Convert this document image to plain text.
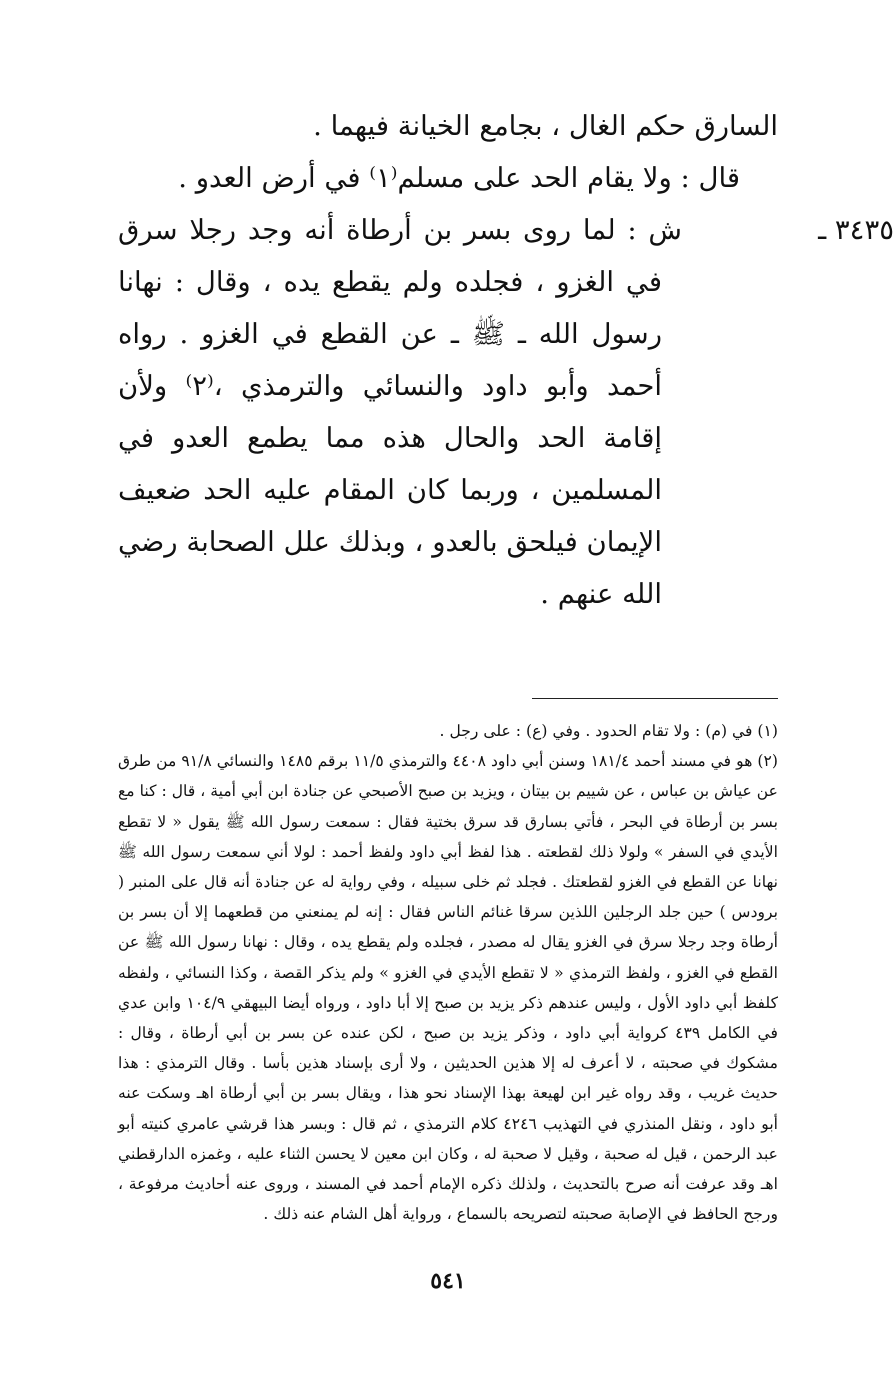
السارق حكم الغال ، بجامع الخيانة فيهما .

قال : ولا يقام الحد على مسلم⁽١⁾ في أرض العدو .

٣٤٣٥ ـش : لما روى بسر بن أرطاة أنه وجد رجلا سرق في الغزو ، فجلده ولم يقطع يده ، وقال : نهانا رسول الله ـ ﷺ ـ عن القطع في الغزو . رواه أحمد وأبو داود والنسائي والترمذي ،⁽٢⁾ ولأن إقامة الحد والحال هذه مما يطمع العدو في المسلمين ، وربما كان المقام عليه الحد ضعيف الإيمان فيلحق بالعدو ، وبذلك علل الصحابة رضي الله عنهم .

(١) في (م) : ولا تقام الحدود . وفي (ع) : على رجل .

(٢) هو في مسند أحمد ١٨١/٤ وسنن أبي داود ٤٤٠٨ والترمذي ١١/٥ برقم ١٤٨٥ والنسائي ٩١/٨ من طرق عن عياش بن عباس ، عن شييم بن بيتان ، ويزيد بن صبح الأصبحي عن جنادة ابن أبي أمية ، قال : كنا مع بسر بن أرطاة في البحر ، فأتي بسارق قد سرق بختية فقال : سمعت رسول الله ﷺ يقول « لا تقطع الأيدي في السفر » ولولا ذلك لقطعته . هذا لفظ أبي داود ولفظ أحمد : لولا أني سمعت رسول الله ﷺ نهانا عن القطع في الغزو لقطعتك . فجلد ثم خلى سبيله ، وفي رواية له عن جنادة أنه قال على المنبر ( برودس ) حين جلد الرجلين اللذين سرقا غنائم الناس فقال : إنه لم يمنعني من قطعهما إلا أن بسر بن أرطاة وجد رجلا سرق في الغزو يقال له مصدر ، فجلده ولم يقطع يده ، وقال : نهانا رسول الله ﷺ عن القطع في الغزو ، ولفظ الترمذي « لا تقطع الأيدي في الغزو » ولم يذكر القصة ، وكذا النسائي ، ولفظه كلفظ أبي داود الأول ، وليس عندهم ذكر يزيد بن صبح إلا أبا داود ، ورواه أيضا البيهقي ١٠٤/٩ وابن عدي في الكامل ٤٣٩ كرواية أبي داود ، وذكر يزيد بن صبح ، لكن عنده عن بسر بن أبي أرطاة ، وقال : مشكوك في صحبته ، لا أعرف له إلا هذين الحديثين ، ولا أرى بإسناد هذين بأسا . وقال الترمذي : هذا حديث غريب ، وقد رواه غير ابن لهيعة بهذا الإسناد نحو هذا ، ويقال بسر بن أبي أرطاة اهـ وسكت عنه أبو داود ، ونقل المنذري في التهذيب ٤٢٤٦ كلام الترمذي ، ثم قال : وبسر هذا قرشي عامري كنيته أبو عبد الرحمن ، قيل له صحبة ، وقيل لا صحبة له ، وكان ابن معين لا يحسن الثناء عليه ، وغمزه الدارقطني اهـ وقد عرفت أنه صرح بالتحديث ، ولذلك ذكره الإمام أحمد في المسند ، وروى عنه أحاديث مرفوعة ، ورجح الحافظ في الإصابة صحبته لتصريحه بالسماع ، ورواية أهل الشام عنه ذلك .

٥٤١
